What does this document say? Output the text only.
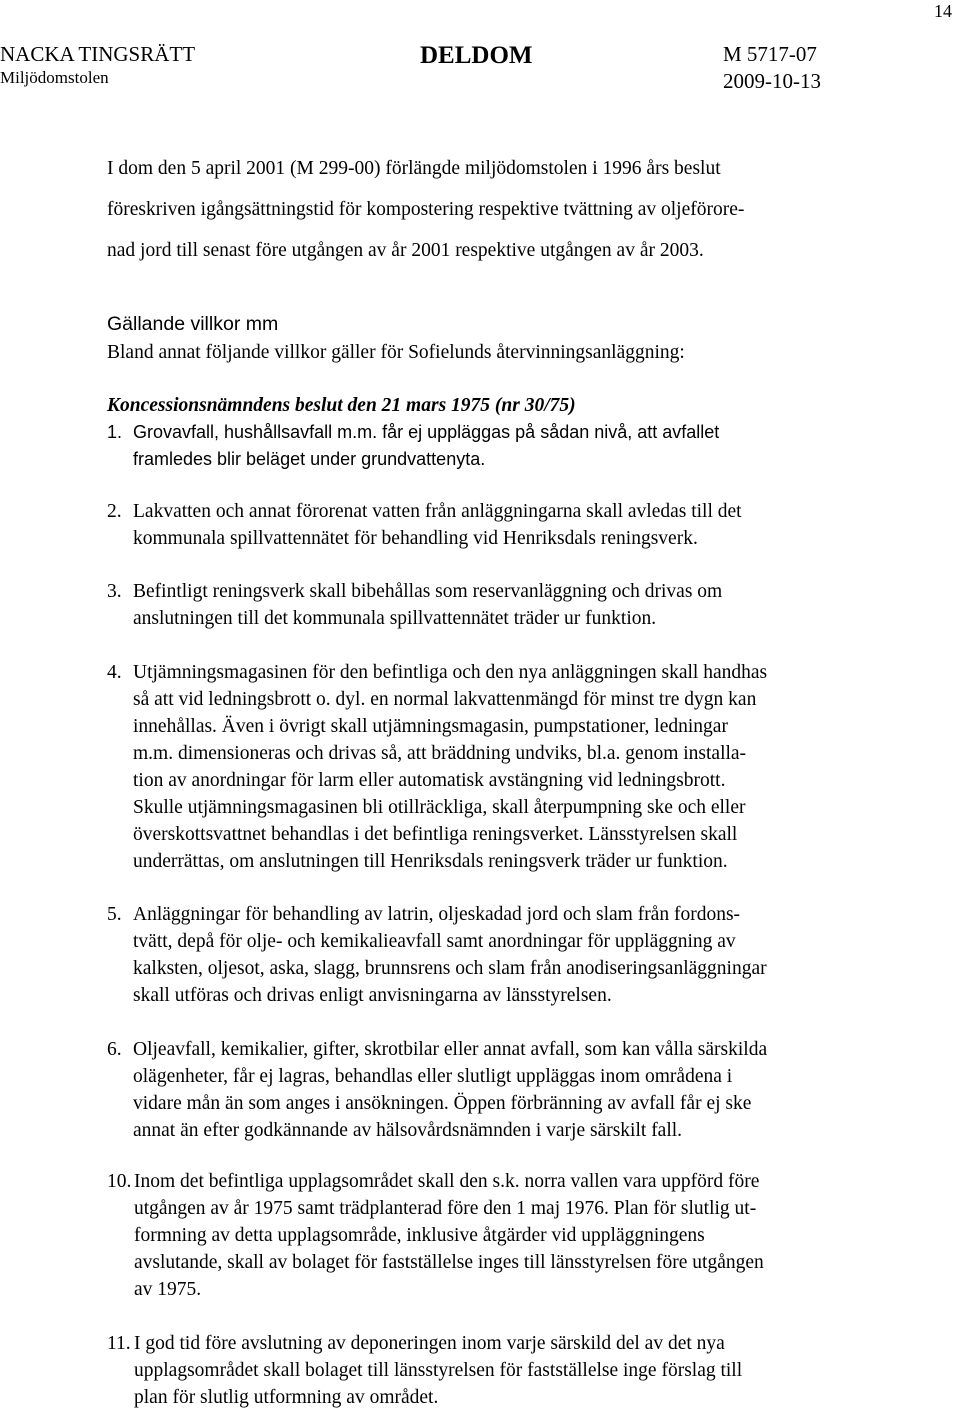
14
NACKA TINGSRÄTT
Miljödomstolen
DELDOM	M 5717-07
2009-10-13
I dom den 5 april 2001 (M 299-00) förlängde miljödomstolen i 1996 års beslut
föreskriven igångsättningstid för kompostering respektive tvättning av oljeförore-
nad jord till senast före utgången av år 2001 respektive utgången av år 2003.
Gällande villkor mm
Bland annat följande villkor gäller för Sofielunds återvinningsanläggning:
Koncessionsnämndens beslut den 21 mars 1975 (nr 30/75)
1. Grovavfall, hushållsavfall m.m. får ej uppläggas på sådan nivå, att avfallet
framledes blir beläget under grundvattenyta.
2. Lakvatten och annat förorenat vatten från anläggningarna skall avledas till det
kommunala spillvattennätet för behandling vid Henriksdals reningsverk.
3. Befintligt reningsverk skall bibehållas som reservanläggning och drivas om
anslutningen till det kommunala spillvattennätet träder ur funktion.
4. Utjämningsmagasinen för den befintliga och den nya anläggningen skall handhas
så att vid ledningsbrott o. dyl. en normal lakvattenmängd för minst tre dygn kan
innehållas. Även i övrigt skall utjämningsmagasin, pumpstationer, ledningar
m.m. dimensioneras och drivas så, att bräddning undviks, bl.a. genom installa-
tion av anordningar för larm eller automatisk avstängning vid ledningsbrott.
Skulle utjämningsmagasinen bli otillräckliga, skall återpumpning ske och eller
överskottsvattnet behandlas i det befintliga reningsverket. Länsstyrelsen skall
underrättas, om anslutningen till Henriksdals reningsverk träder ur funktion.
5. Anläggningar för behandling av latrin, oljeskadad jord och slam från fordons-
tvätt, depå för olje- och kemikalieavfall samt anordningar för uppläggning av
kalksten, oljesot, aska, slagg, brunnsrens och slam från anodiseringsanläggningar
skall utföras och drivas enligt anvisningarna av länsstyrelsen.
6. Oljeavfall, kemikalier, gifter, skrotbilar eller annat avfall, som kan vålla särskilda
olägenheter, får ej lagras, behandlas eller slutligt uppläggas inom områdena i
vidare mån än som anges i ansökningen. Öppen förbränning av avfall får ej ske
annat än efter godkännande av hälsovårdsnämnden i varje särskilt fall.
10. Inom det befintliga upplagsområdet skall den s.k. norra vallen vara uppförd före
utgången av år 1975 samt trädplanterad före den 1 maj 1976. Plan för slutlig ut-
formning av detta upplagsområde, inklusive åtgärder vid uppläggningens
avslutande, skall av bolaget för fastställelse inges till länsstyrelsen före utgången
av 1975.
11. I god tid före avslutning av deponeringen inom varje särskild del av det nya
upplagsområdet skall bolaget till länsstyrelsen för fastställelse inge förslag till
plan för slutlig utformning av området.
